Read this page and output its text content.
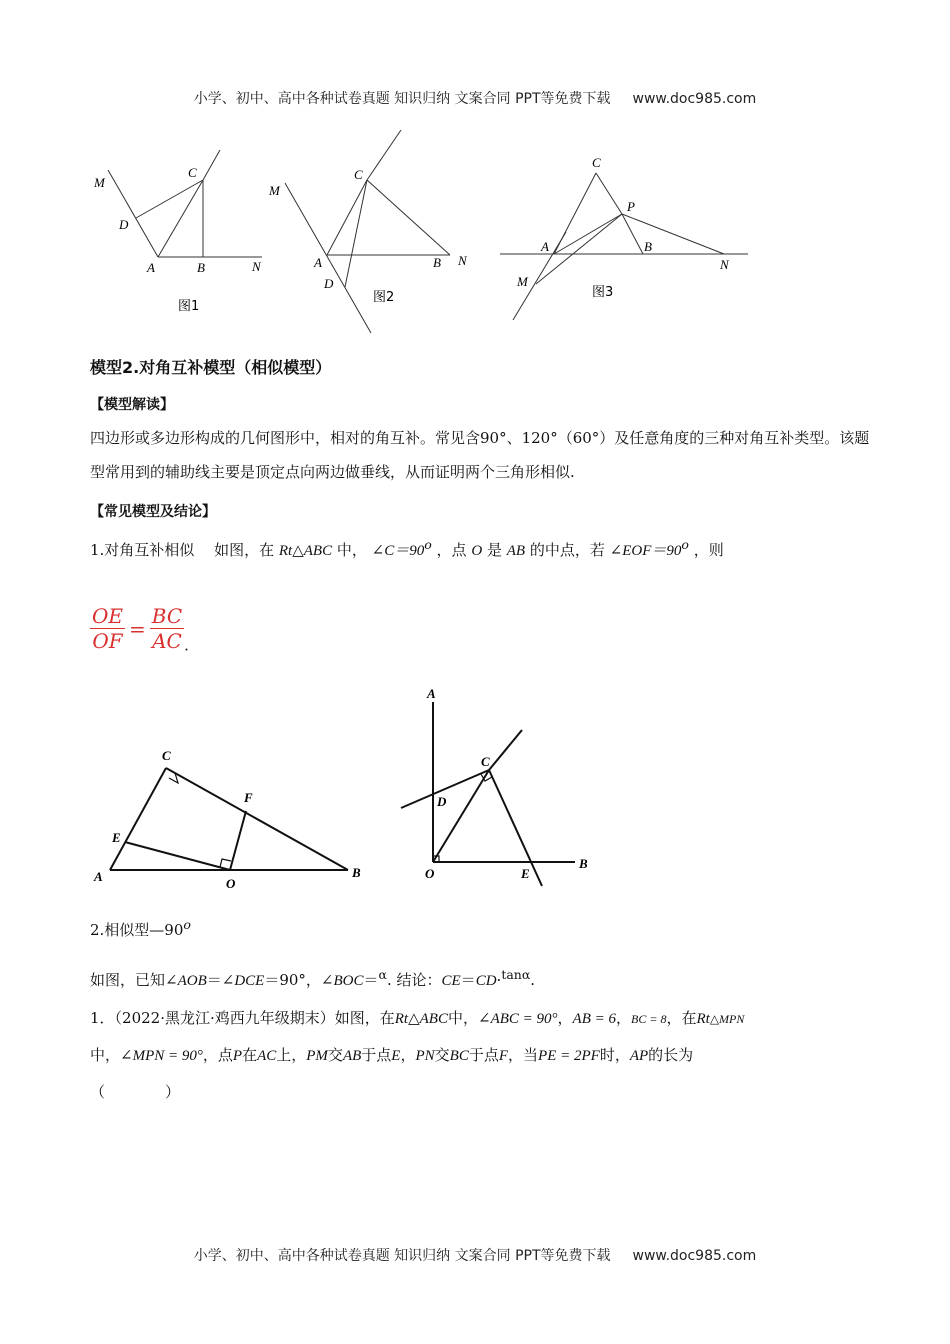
小学、初中、高中各种试卷真题 知识归纳 文案合同 PPT等免费下载 www.doc985.com
M
C
D
A	B	N
图1
M
C
A
D
B N
图2
C
P
A	B
M
N
图3
模型2.对角互补模型（相似模型）
【模型解读】
四边形或多边形构成的几何图形中，相对的角互补。常见含90°、120°（60°）及任意角度的三种对角互补类型。该题型常用到的辅助线主要是顶定点向两边做垂线，从而证明两个三角形相似.
【常见模型及结论】
1.对角互补相似　 如图，在 Rt△ABC 中， $\angle C=90^o$ ，点 O 是 AB 的中点，若 $\angle EOF=90^o$ ，则
$\frac{OE}{OF} = \frac{BC}{AC}$ .
C
F
E
A	O
B
A
C
D
O	E
B
2.相似型—90$^o$
如图，已知∠AOB＝∠DCE＝90°，∠BOC＝$^\alpha$. 结论：CE＝CD·$^{tan\alpha}$.
1．（2022·黑龙江·鸡西九年级期末）如图，在Rt△ABC中，∠ABC = 90°，AB = 6，BC = 8，在Rt△MPN
中，∠MPN = 90°，点P在AC上，PM交AB于点E，PN交BC于点F，当PE = 2PF时，AP的长为
（　　　　）
小学、初中、高中各种试卷真题 知识归纳 文案合同 PPT等免费下载 www.doc985.com
